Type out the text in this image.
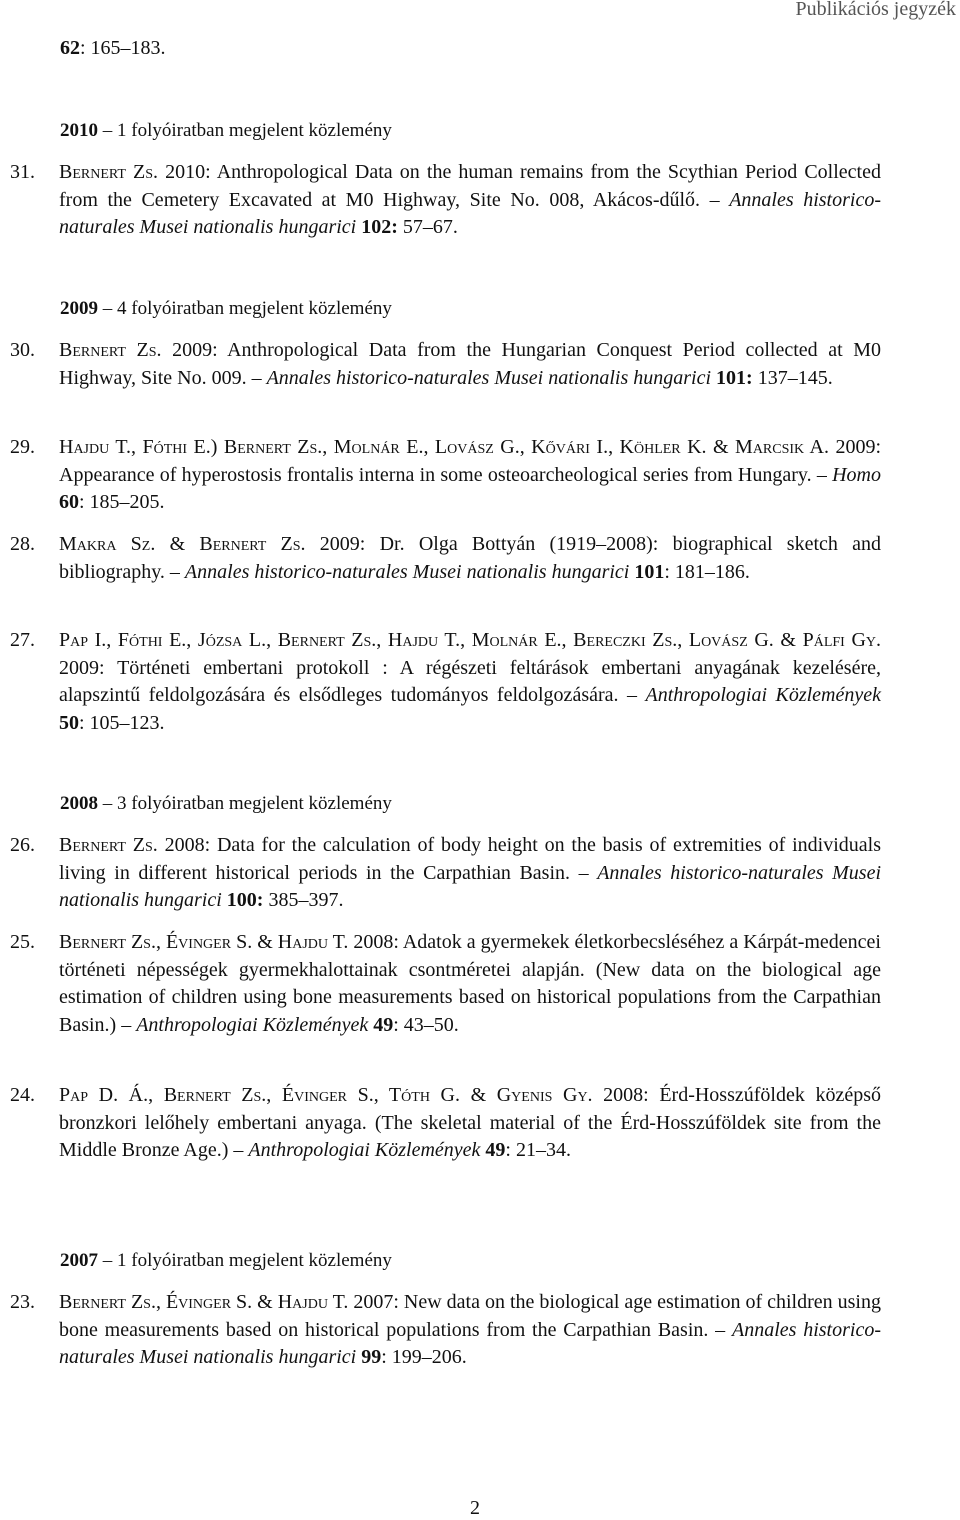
Publikációs jegyzék
62: 165–183.
2010 – 1 folyóiratban megjelent közlemény
31. Bernert Zs. 2010: Anthropological Data on the human remains from the Scythian Period Collected from the Cemetery Excavated at M0 Highway, Site No. 008, Akácos-dűlő. – Annales historico-naturales Musei nationalis hungarici 102: 57–67.
2009 – 4 folyóiratban megjelent közlemény
30. Bernert Zs. 2009: Anthropological Data from the Hungarian Conquest Period collected at M0 Highway, Site No. 009. – Annales historico-naturales Musei nationalis hungarici 101: 137–145.
29. Hajdu T., Fóthi E.) Bernert Zs., Molnár E., Lovász G., Kővári I., Köhler K. & Marcsik A. 2009: Appearance of hyperostosis frontalis interna in some osteoarcheological series from Hungary. – Homo 60: 185–205.
28. Makra Sz. & Bernert Zs. 2009: Dr. Olga Bottyán (1919–2008): biographical sketch and bibliography. – Annales historico-naturales Musei nationalis hungarici 101: 181–186.
27. Pap I., Fóthi E., Józsa L., Bernert Zs., Hajdu T., Molnár E., Bereczki Zs., Lovász G. & Pálfi Gy. 2009: Történeti embertani protokoll : A régészeti feltárások embertani anyagának kezelésére, alapszintű feldolgozására és elsődleges tudományos feldolgozására. – Anthropologiai Közlemények 50: 105–123.
2008 – 3 folyóiratban megjelent közlemény
26. Bernert Zs. 2008: Data for the calculation of body height on the basis of extremities of individuals living in different historical periods in the Carpathian Basin. – Annales historico-naturales Musei nationalis hungarici 100: 385–397.
25. Bernert Zs., Évinger S. & Hajdu T. 2008: Adatok a gyermekek életkorbecsléséhez a Kárpát-medencei történeti népességek gyermekhalottainak csontméretei alapján. (New data on the biological age estimation of children using bone measurements based on historical populations from the Carpathian Basin.) – Anthropologiai Közlemények 49: 43–50.
24. Pap D. Á., Bernert Zs., Évinger S., Tóth G. & Gyenis Gy. 2008: Érd-Hosszúföldek középső bronzkori lelőhely embertani anyaga. (The skeletal material of the Érd-Hosszúföldek site from the Middle Bronze Age.) – Anthropologiai Közlemények 49: 21–34.
2007 – 1 folyóiratban megjelent közlemény
23. Bernert Zs., Évinger S. & Hajdu T. 2007: New data on the biological age estimation of children using bone measurements based on historical populations from the Carpathian Basin. – Annales historico-naturales Musei nationalis hungarici 99: 199–206.
2
